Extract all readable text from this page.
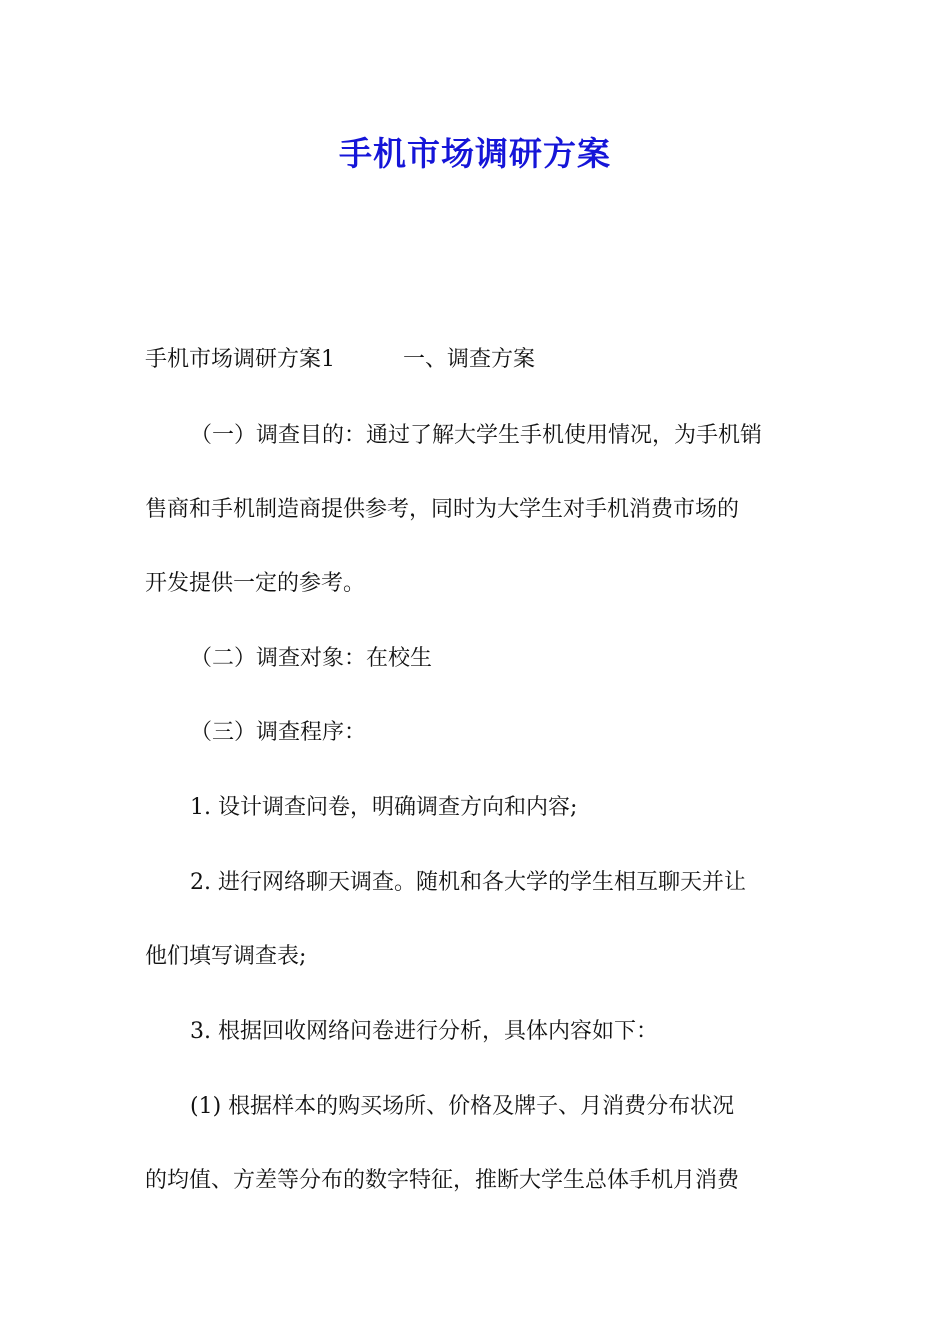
手机市场调研方案
手机市场调研方案1	一、调查方案
（一）调查目的：通过了解大学生手机使用情况，为手机销
售商和手机制造商提供参考，同时为大学生对手机消费市场的
开发提供一定的参考。
（二）调查对象：在校生
（三）调查程序：
1. 设计调查问卷，明确调查方向和内容;
2. 进行网络聊天调查。随机和各大学的学生相互聊天并让
他们填写调查表;
3. 根据回收网络问卷进行分析，具体内容如下：
(1) 根据样本的购买场所、价格及牌子、月消费分布状况
的均值、方差等分布的数字特征，推断大学生总体手机月消费
